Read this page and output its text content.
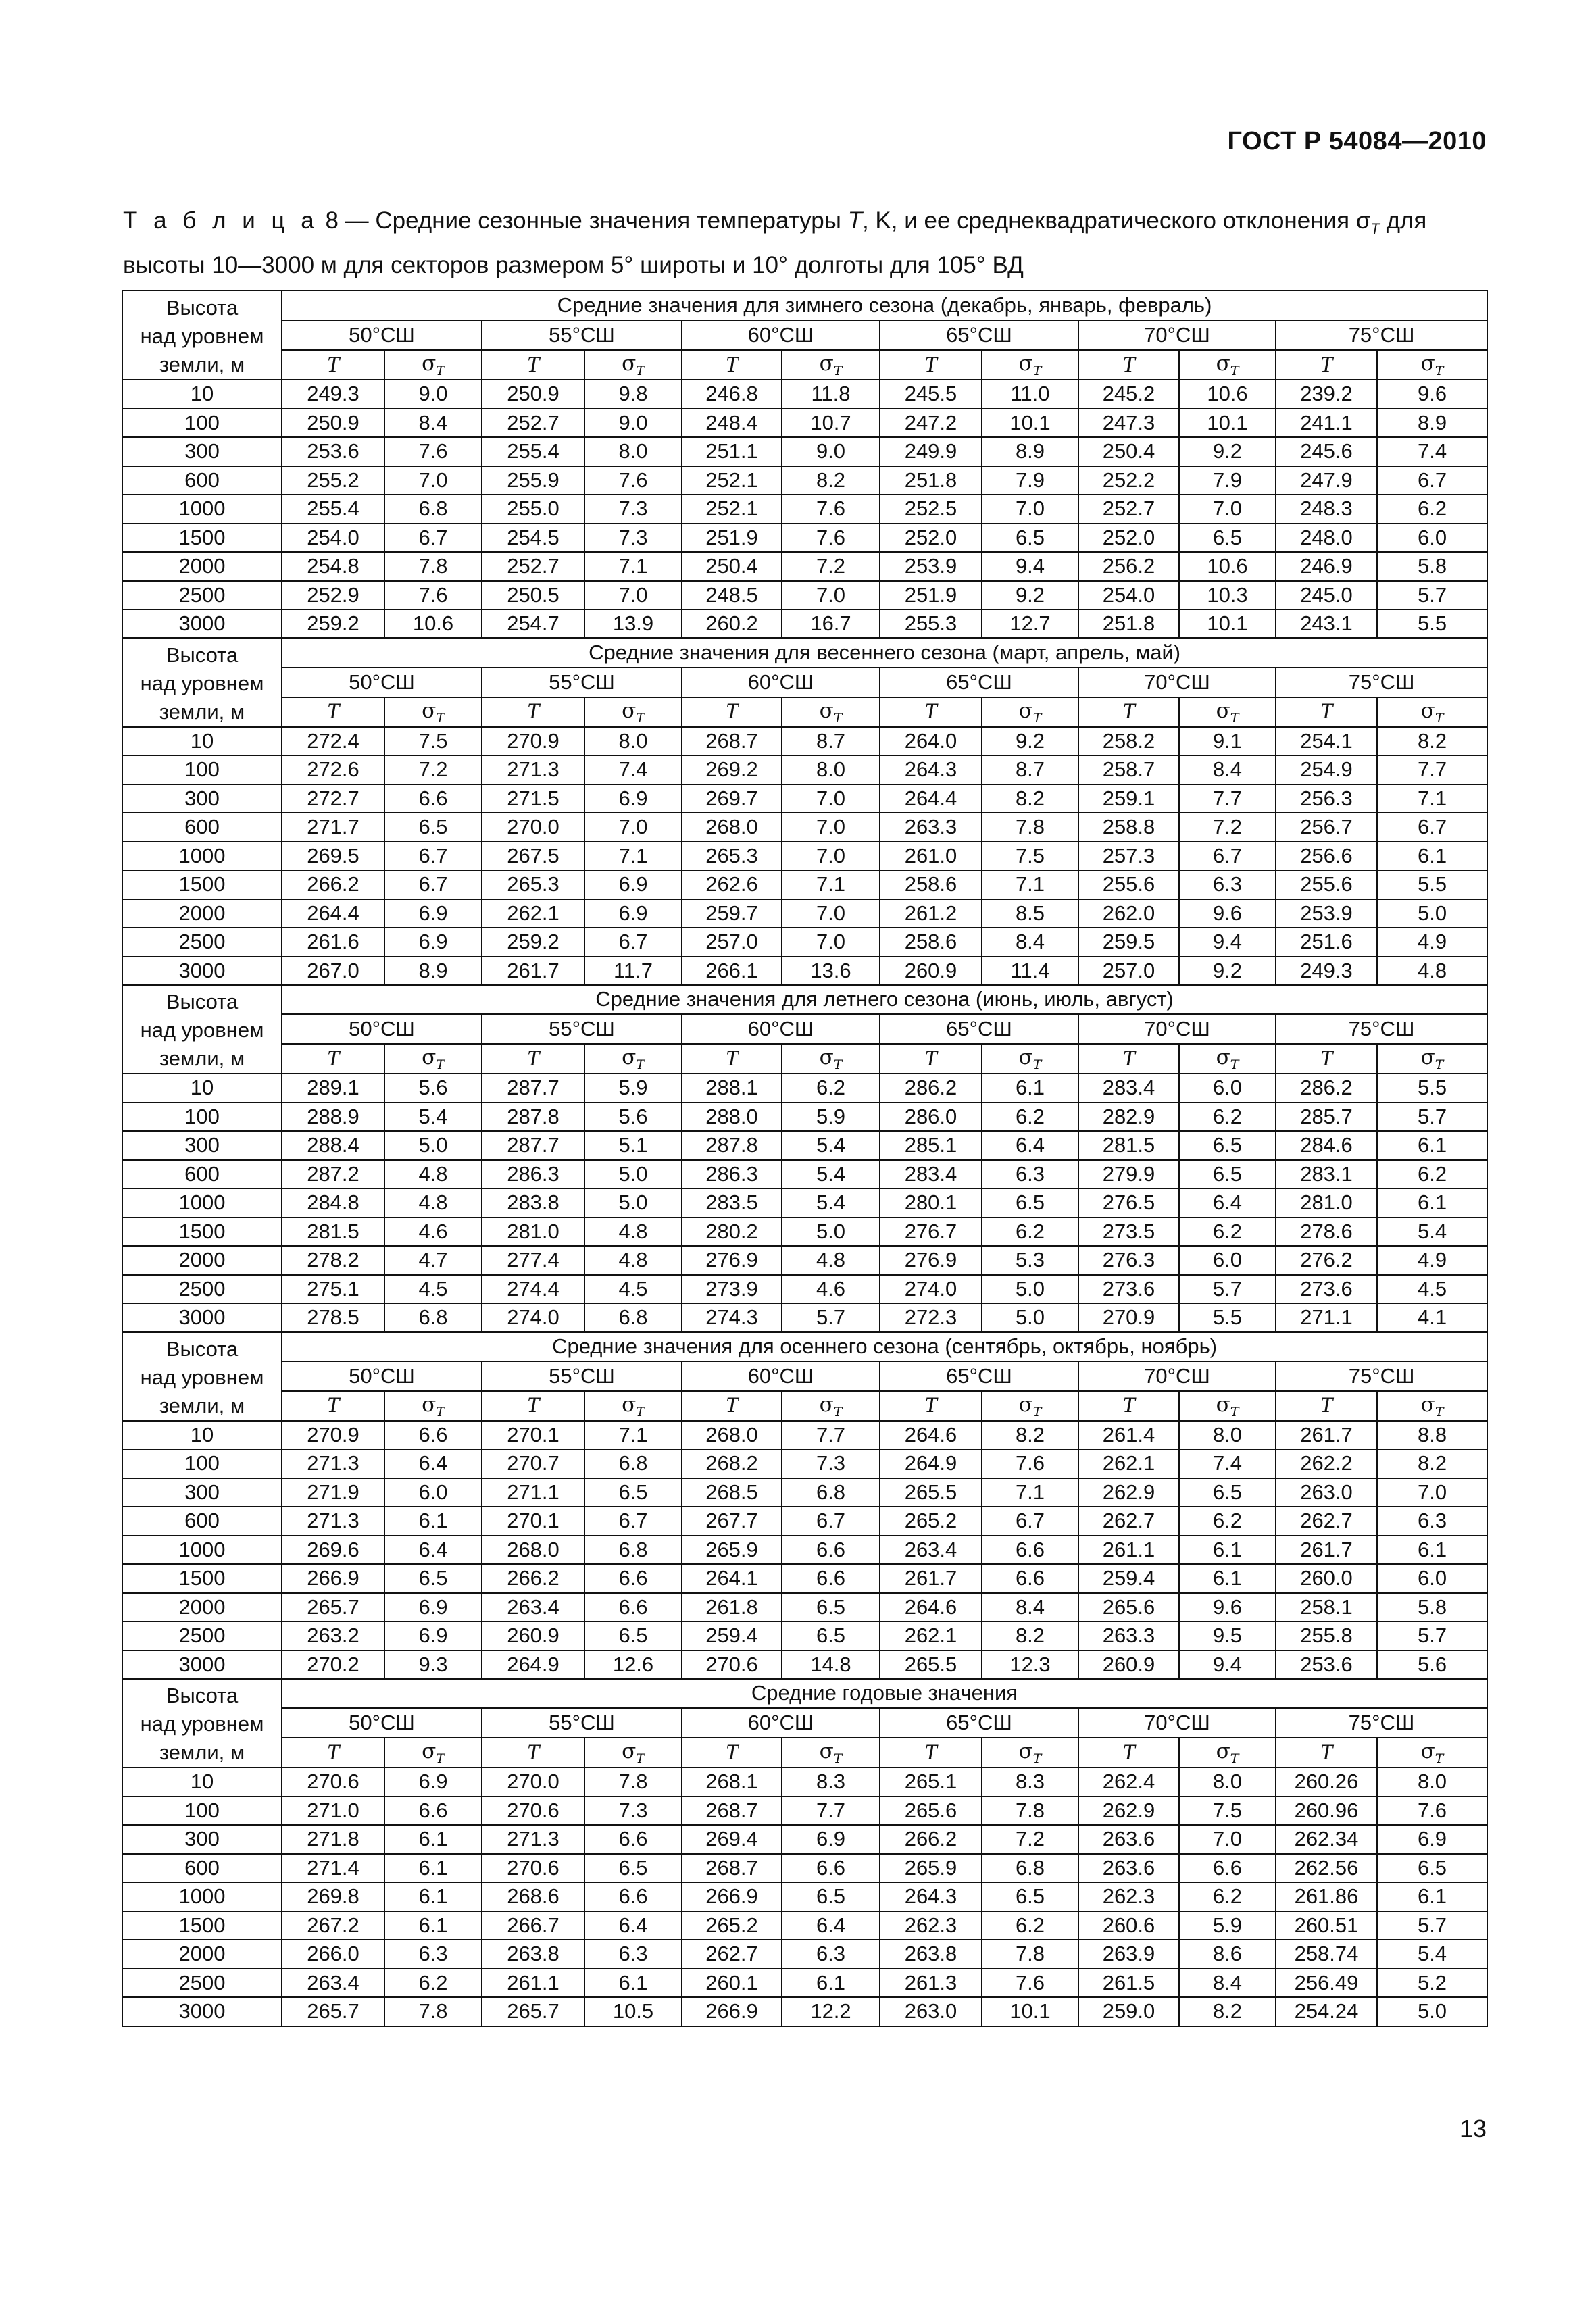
ГОСТ Р 54084—2010
Т а б л и ц а 8 — Средние сезонные значения температуры T, K, и ее среднеквадратического отклонения $\sigma_T$ для
высоты 10—3000 м для секторов размером 5° широты и 10° долготы для 105° ВД
Высота
над уровнем
земли, м	Средние значения для зимнего сезона (декабрь, январь, февраль)											
	50°СШ		55°СШ		60°СШ		65°СШ		70°СШ		75°СШ	
	T	$\sigma_T$	T	$\sigma_T$	T	$\sigma_T$	T	$\sigma_T$	T	$\sigma_T$	T	$\sigma_T$
10	249.3	9.0	250.9	9.8	246.8	11.8	245.5	11.0	245.2	10.6	239.2	9.6
100	250.9	8.4	252.7	9.0	248.4	10.7	247.2	10.1	247.3	10.1	241.1	8.9
300	253.6	7.6	255.4	8.0	251.1	9.0	249.9	8.9	250.4	9.2	245.6	7.4
600	255.2	7.0	255.9	7.6	252.1	8.2	251.8	7.9	252.2	7.9	247.9	6.7
1000	255.4	6.8	255.0	7.3	252.1	7.6	252.5	7.0	252.7	7.0	248.3	6.2
1500	254.0	6.7	254.5	7.3	251.9	7.6	252.0	6.5	252.0	6.5	248.0	6.0
2000	254.8	7.8	252.7	7.1	250.4	7.2	253.9	9.4	256.2	10.6	246.9	5.8
2500	252.9	7.6	250.5	7.0	248.5	7.0	251.9	9.2	254.0	10.3	245.0	5.7
3000	259.2	10.6	254.7	13.9	260.2	16.7	255.3	12.7	251.8	10.1	243.1	5.5
Высота
над уровнем
земли, м	Средние значения для весеннего сезона (март, апрель, май)											
	50°СШ		55°СШ		60°СШ		65°СШ		70°СШ		75°СШ	
	T	$\sigma_T$	T	$\sigma_T$	T	$\sigma_T$	T	$\sigma_T$	T	$\sigma_T$	T	$\sigma_T$
10	272.4	7.5	270.9	8.0	268.7	8.7	264.0	9.2	258.2	9.1	254.1	8.2
100	272.6	7.2	271.3	7.4	269.2	8.0	264.3	8.7	258.7	8.4	254.9	7.7
300	272.7	6.6	271.5	6.9	269.7	7.0	264.4	8.2	259.1	7.7	256.3	7.1
600	271.7	6.5	270.0	7.0	268.0	7.0	263.3	7.8	258.8	7.2	256.7	6.7
1000	269.5	6.7	267.5	7.1	265.3	7.0	261.0	7.5	257.3	6.7	256.6	6.1
1500	266.2	6.7	265.3	6.9	262.6	7.1	258.6	7.1	255.6	6.3	255.6	5.5
2000	264.4	6.9	262.1	6.9	259.7	7.0	261.2	8.5	262.0	9.6	253.9	5.0
2500	261.6	6.9	259.2	6.7	257.0	7.0	258.6	8.4	259.5	9.4	251.6	4.9
3000	267.0	8.9	261.7	11.7	266.1	13.6	260.9	11.4	257.0	9.2	249.3	4.8
Высота
над уровнем
земли, м	Средние значения для летнего сезона (июнь, июль, август)											
	50°СШ		55°СШ		60°СШ		65°СШ		70°СШ		75°СШ	
	T	$\sigma_T$	T	$\sigma_T$	T	$\sigma_T$	T	$\sigma_T$	T	$\sigma_T$	T	$\sigma_T$
10	289.1	5.6	287.7	5.9	288.1	6.2	286.2	6.1	283.4	6.0	286.2	5.5
100	288.9	5.4	287.8	5.6	288.0	5.9	286.0	6.2	282.9	6.2	285.7	5.7
300	288.4	5.0	287.7	5.1	287.8	5.4	285.1	6.4	281.5	6.5	284.6	6.1
600	287.2	4.8	286.3	5.0	286.3	5.4	283.4	6.3	279.9	6.5	283.1	6.2
1000	284.8	4.8	283.8	5.0	283.5	5.4	280.1	6.5	276.5	6.4	281.0	6.1
1500	281.5	4.6	281.0	4.8	280.2	5.0	276.7	6.2	273.5	6.2	278.6	5.4
2000	278.2	4.7	277.4	4.8	276.9	4.8	276.9	5.3	276.3	6.0	276.2	4.9
2500	275.1	4.5	274.4	4.5	273.9	4.6	274.0	5.0	273.6	5.7	273.6	4.5
3000	278.5	6.8	274.0	6.8	274.3	5.7	272.3	5.0	270.9	5.5	271.1	4.1
Высота
над уровнем
земли, м	Средние значения для осеннего сезона (сентябрь, октябрь, ноябрь)											
	50°СШ		55°СШ		60°СШ		65°СШ		70°СШ		75°СШ	
	T	$\sigma_T$	T	$\sigma_T$	T	$\sigma_T$	T	$\sigma_T$	T	$\sigma_T$	T	$\sigma_T$
10	270.9	6.6	270.1	7.1	268.0	7.7	264.6	8.2	261.4	8.0	261.7	8.8
100	271.3	6.4	270.7	6.8	268.2	7.3	264.9	7.6	262.1	7.4	262.2	8.2
300	271.9	6.0	271.1	6.5	268.5	6.8	265.5	7.1	262.9	6.5	263.0	7.0
600	271.3	6.1	270.1	6.7	267.7	6.7	265.2	6.7	262.7	6.2	262.7	6.3
1000	269.6	6.4	268.0	6.8	265.9	6.6	263.4	6.6	261.1	6.1	261.7	6.1
1500	266.9	6.5	266.2	6.6	264.1	6.6	261.7	6.6	259.4	6.1	260.0	6.0
2000	265.7	6.9	263.4	6.6	261.8	6.5	264.6	8.4	265.6	9.6	258.1	5.8
2500	263.2	6.9	260.9	6.5	259.4	6.5	262.1	8.2	263.3	9.5	255.8	5.7
3000	270.2	9.3	264.9	12.6	270.6	14.8	265.5	12.3	260.9	9.4	253.6	5.6
Высота
над уровнем
земли, м	Средние годовые значения											
	50°СШ		55°СШ		60°СШ		65°СШ		70°СШ		75°СШ	
	T	$\sigma_T$	T	$\sigma_T$	T	$\sigma_T$	T	$\sigma_T$	T	$\sigma_T$	T	$\sigma_T$
10	270.6	6.9	270.0	7.8	268.1	8.3	265.1	8.3	262.4	8.0	260.26	8.0
100	271.0	6.6	270.6	7.3	268.7	7.7	265.6	7.8	262.9	7.5	260.96	7.6
300	271.8	6.1	271.3	6.6	269.4	6.9	266.2	7.2	263.6	7.0	262.34	6.9
600	271.4	6.1	270.6	6.5	268.7	6.6	265.9	6.8	263.6	6.6	262.56	6.5
1000	269.8	6.1	268.6	6.6	266.9	6.5	264.3	6.5	262.3	6.2	261.86	6.1
1500	267.2	6.1	266.7	6.4	265.2	6.4	262.3	6.2	260.6	5.9	260.51	5.7
2000	266.0	6.3	263.8	6.3	262.7	6.3	263.8	7.8	263.9	8.6	258.74	5.4
2500	263.4	6.2	261.1	6.1	260.1	6.1	261.3	7.6	261.5	8.4	256.49	5.2
3000	265.7	7.8	265.7	10.5	266.9	12.2	263.0	10.1	259.0	8.2	254.24	5.0
13
